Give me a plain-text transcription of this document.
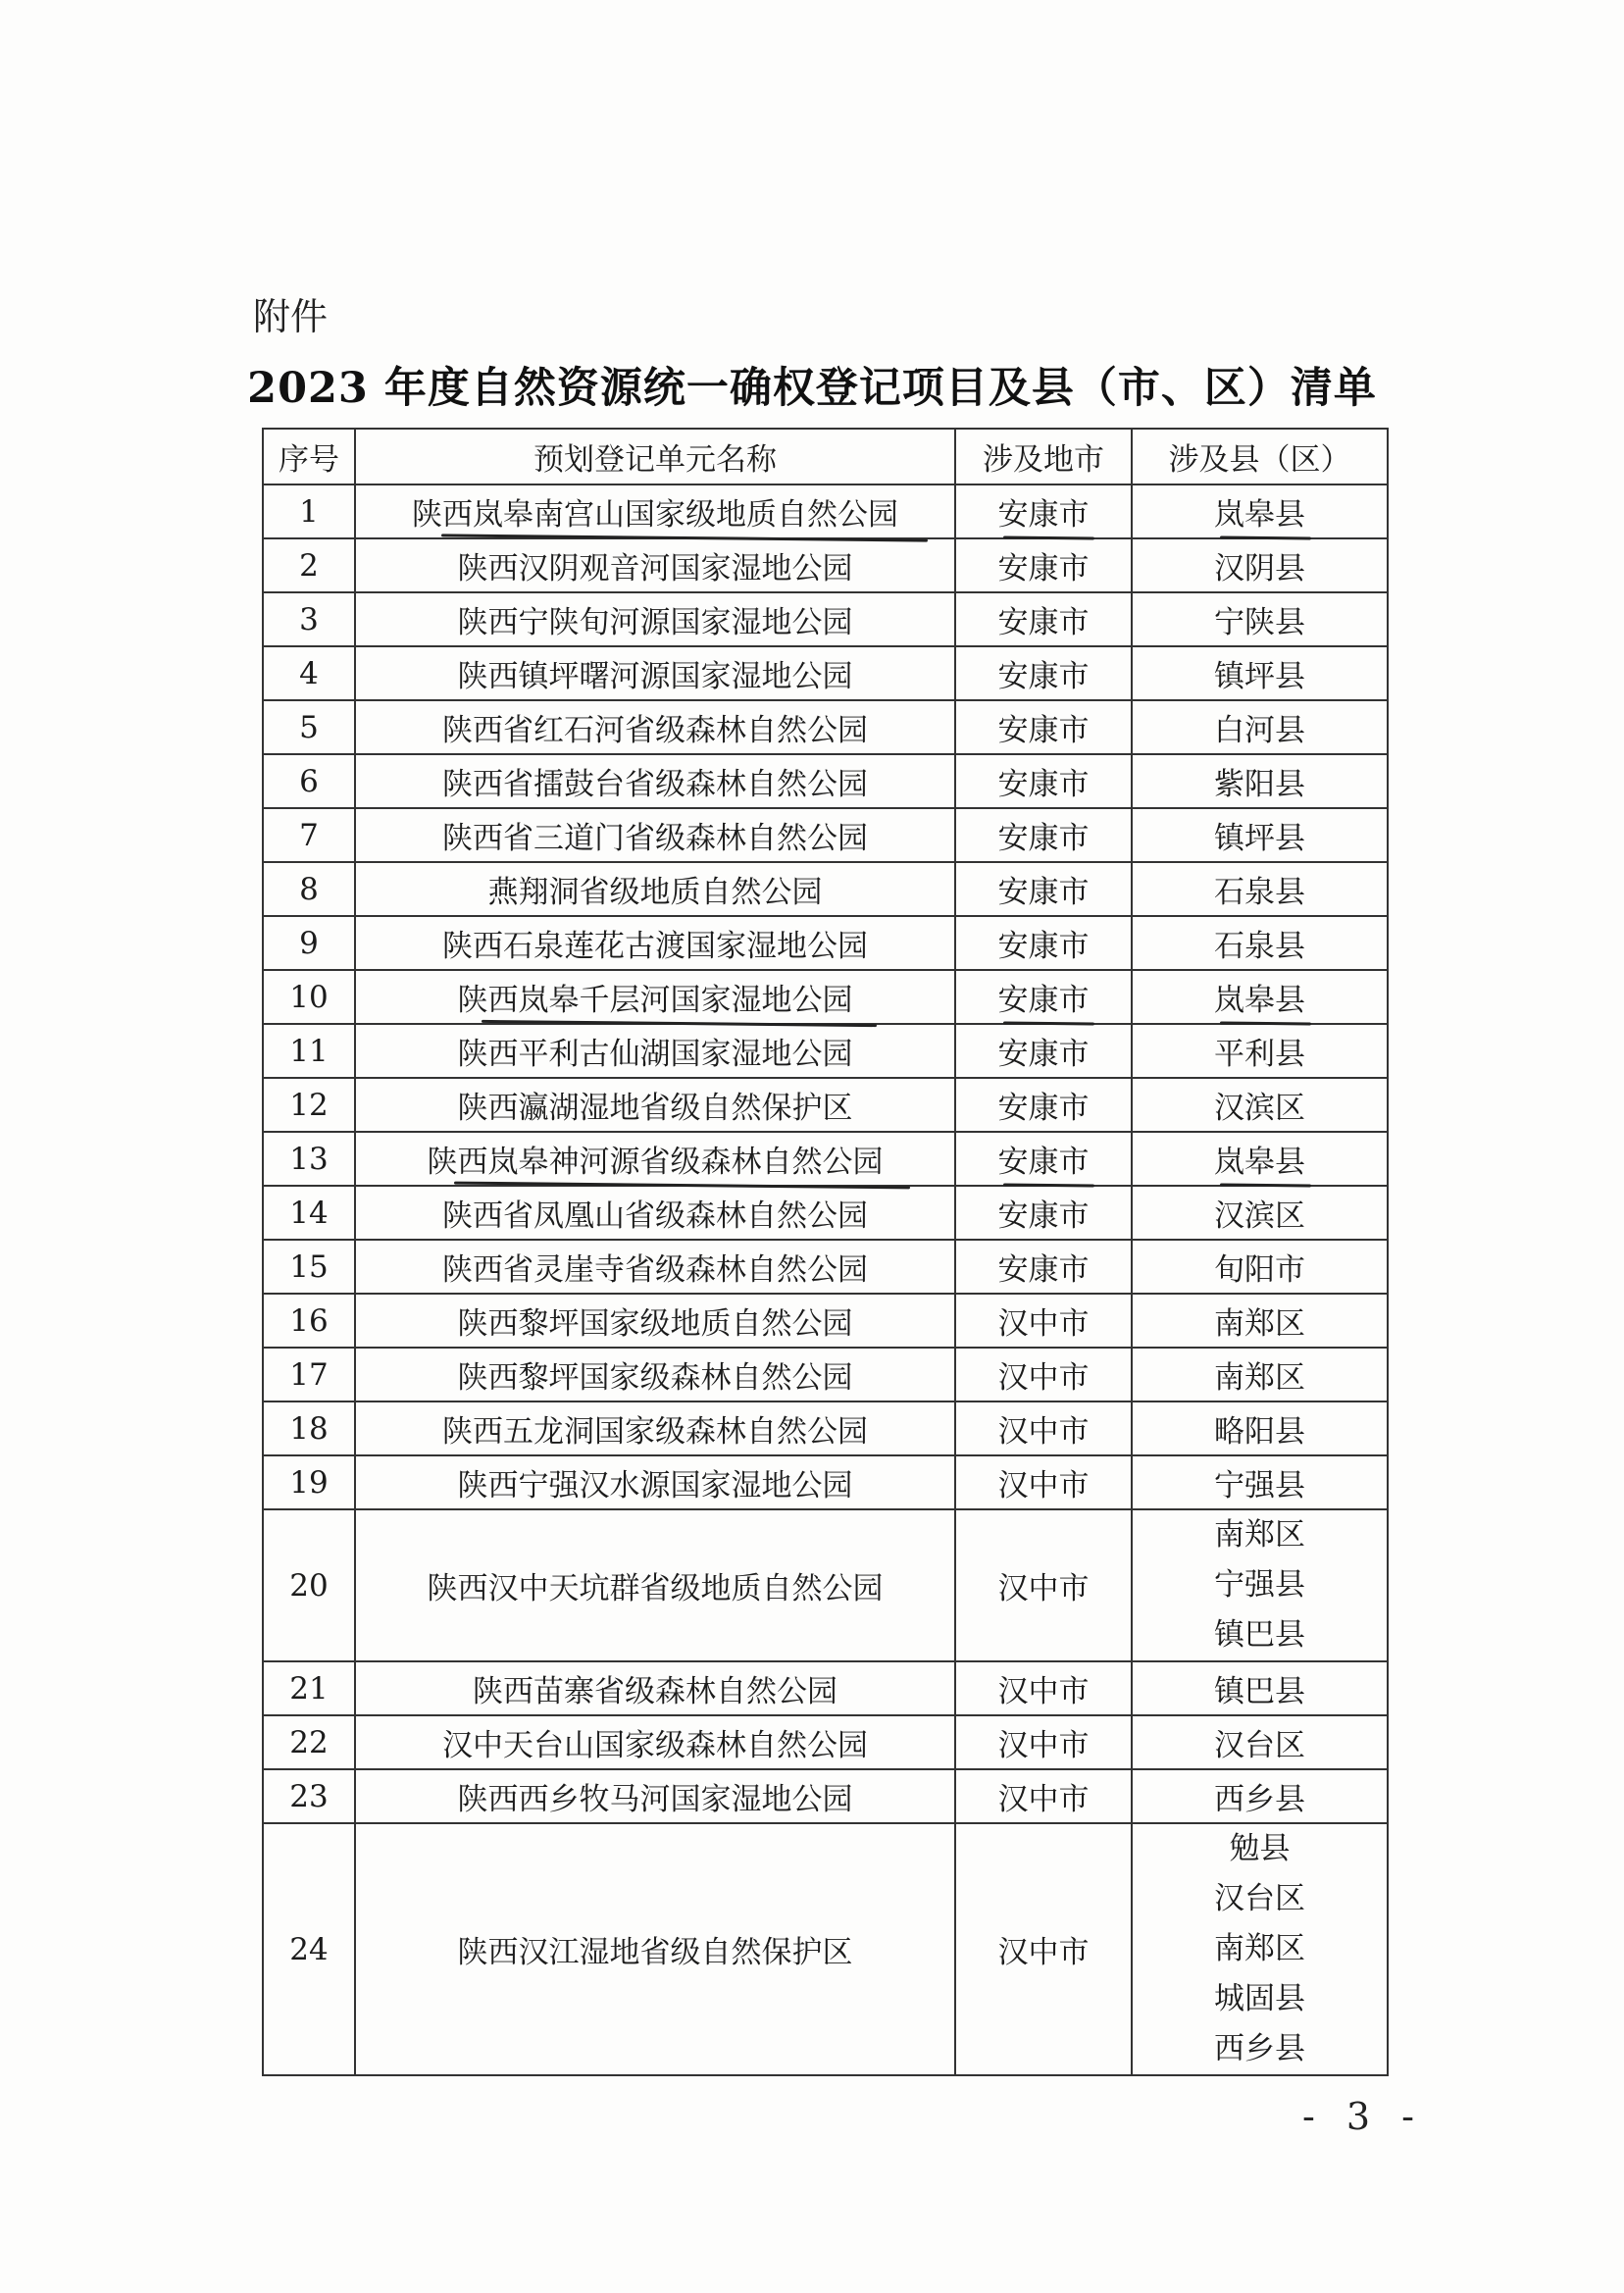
附件
2023 年度自然资源统一确权登记项目及县（市、区）清单
序号	预划登记单元名称	涉及地市	涉及县（区）
1	陕西岚皋南宫山国家级地质自然公园	安康市	岚皋县

2	陕西汉阴观音河国家湿地公园	安康市	汉阴县
3	陕西宁陕旬河源国家湿地公园	安康市	宁陕县
4	陕西镇坪曙河源国家湿地公园	安康市	镇坪县
5	陕西省红石河省级森林自然公园	安康市	白河县
6	陕西省擂鼓台省级森林自然公园	安康市	紫阳县
7	陕西省三道门省级森林自然公园	安康市	镇坪县
8	燕翔洞省级地质自然公园	安康市	石泉县
9	陕西石泉莲花古渡国家湿地公园	安康市	石泉县
10	陕西岚皋千层河国家湿地公园	安康市	岚皋县

11	陕西平利古仙湖国家湿地公园	安康市	平利县
12	陕西瀛湖湿地省级自然保护区	安康市	汉滨区
13	陕西岚皋神河源省级森林自然公园	安康市	岚皋县

14	陕西省凤凰山省级森林自然公园	安康市	汉滨区
15	陕西省灵崖寺省级森林自然公园	安康市	旬阳市
16	陕西黎坪国家级地质自然公园	汉中市	南郑区
17	陕西黎坪国家级森林自然公园	汉中市	南郑区
18	陕西五龙洞国家级森林自然公园	汉中市	略阳县
19	陕西宁强汉水源国家湿地公园	汉中市	宁强县
20	陕西汉中天坑群省级地质自然公园	汉中市	南郑区
宁强县
镇巴县

21	陕西苗寨省级森林自然公园	汉中市	镇巴县
22	汉中天台山国家级森林自然公园	汉中市	汉台区
23	陕西西乡牧马河国家湿地公园	汉中市	西乡县
24	陕西汉江湿地省级自然保护区	汉中市	勉县
汉台区
南郑区
城固县
西乡县
- 3 -
